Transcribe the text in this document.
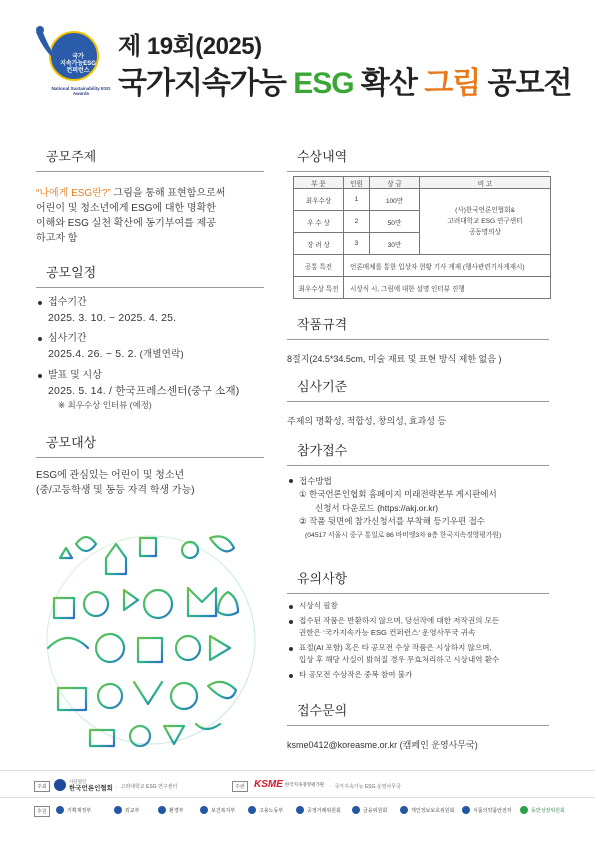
국가
지속가능ESG
컨퍼런스
National Sustainability ESG Awards
제 19회(2025)
국가지속가능 ESG 확산 그림 공모전
공모주제
“나에게 ESG란?” 그림을 통해 표현함으로써
어린이 및 청소년에게 ESG에 대한 명확한
이해와 ESG 실천 확산에 동기부여를 제공
하고자 함
공모일정
접수기간
2025. 3. 10. ~ 2025. 4. 25.
심사기간
2025.4. 26. ~ 5. 2. (개별연락)
발표 및 시상
2025. 5. 14. / 한국프레스센터(중구 소재)
※ 최우수상 인터뷰 (예정)
공모대상
ESG에 관심있는 어린이 및 청소년
(중/고등학생 및 동등 자격 학생 가능)
수상내역
부 문	인원	상 금	비 고
최우수상	1	100만	(사)한국언론인협회&
고려대학교 ESG 연구센터
공동명의상

우 수 상	2	50만	
장 려 상	3	30만	
공통 특전	언론매체를 통한 입상자 현황 기사 게재 (행사관련기사게재시)		
최우수상 특전	시상식 시, 그림에 대한 설명 인터뷰 진행		
작품규격
8절지(24.5*34.5cm, 미술 재료 및 표현 방식 제한 없음 )
심사기준
주제의 명확성, 적합성, 창의성, 효과성 등
참가접수
접수방법
① 한국언론인협회 홈페이지 미래전략본부 게시판에서
신청서 다운로드 (https://akj.or.kr)
② 작품 뒷면에 참가신청서를 부착해 등기우편 접수
(04517 서울시 중구 통일로 86 바비엥3차 8층 한국지속경영평가원)
유의사항
시상식 필참
접수된 작품은 반환하지 않으며, 당선작에 대한 저작권의 모든
권한은 ‘국가지속가능 ESG 컨퍼런스’ 운영사무국 귀속
표절(AI 포함) 혹은 타 공모전 수상 작품은 시상하지 않으며,
입상 후 해당 사실이 밝혀질 경우 무효처리하고 시상내역 환수
타 공모전 수상작은 중복 참여 불가
접수문의
ksme0412@koreasme.or.kr (캠페인 운영사무국)
주최
사단법인
한국언론인협회 · 고려대학교 ESG 연구센터	주관 KSME 한국지속경영평가원 · 국가지속가능 ESG 운영사무국
후원	기획재정부	외교부	환경부	보건복지부	고용노동부	공정거래위원회	금융위원회	개인정보보호위원회	식품의약품안전처	동반성장위원회
